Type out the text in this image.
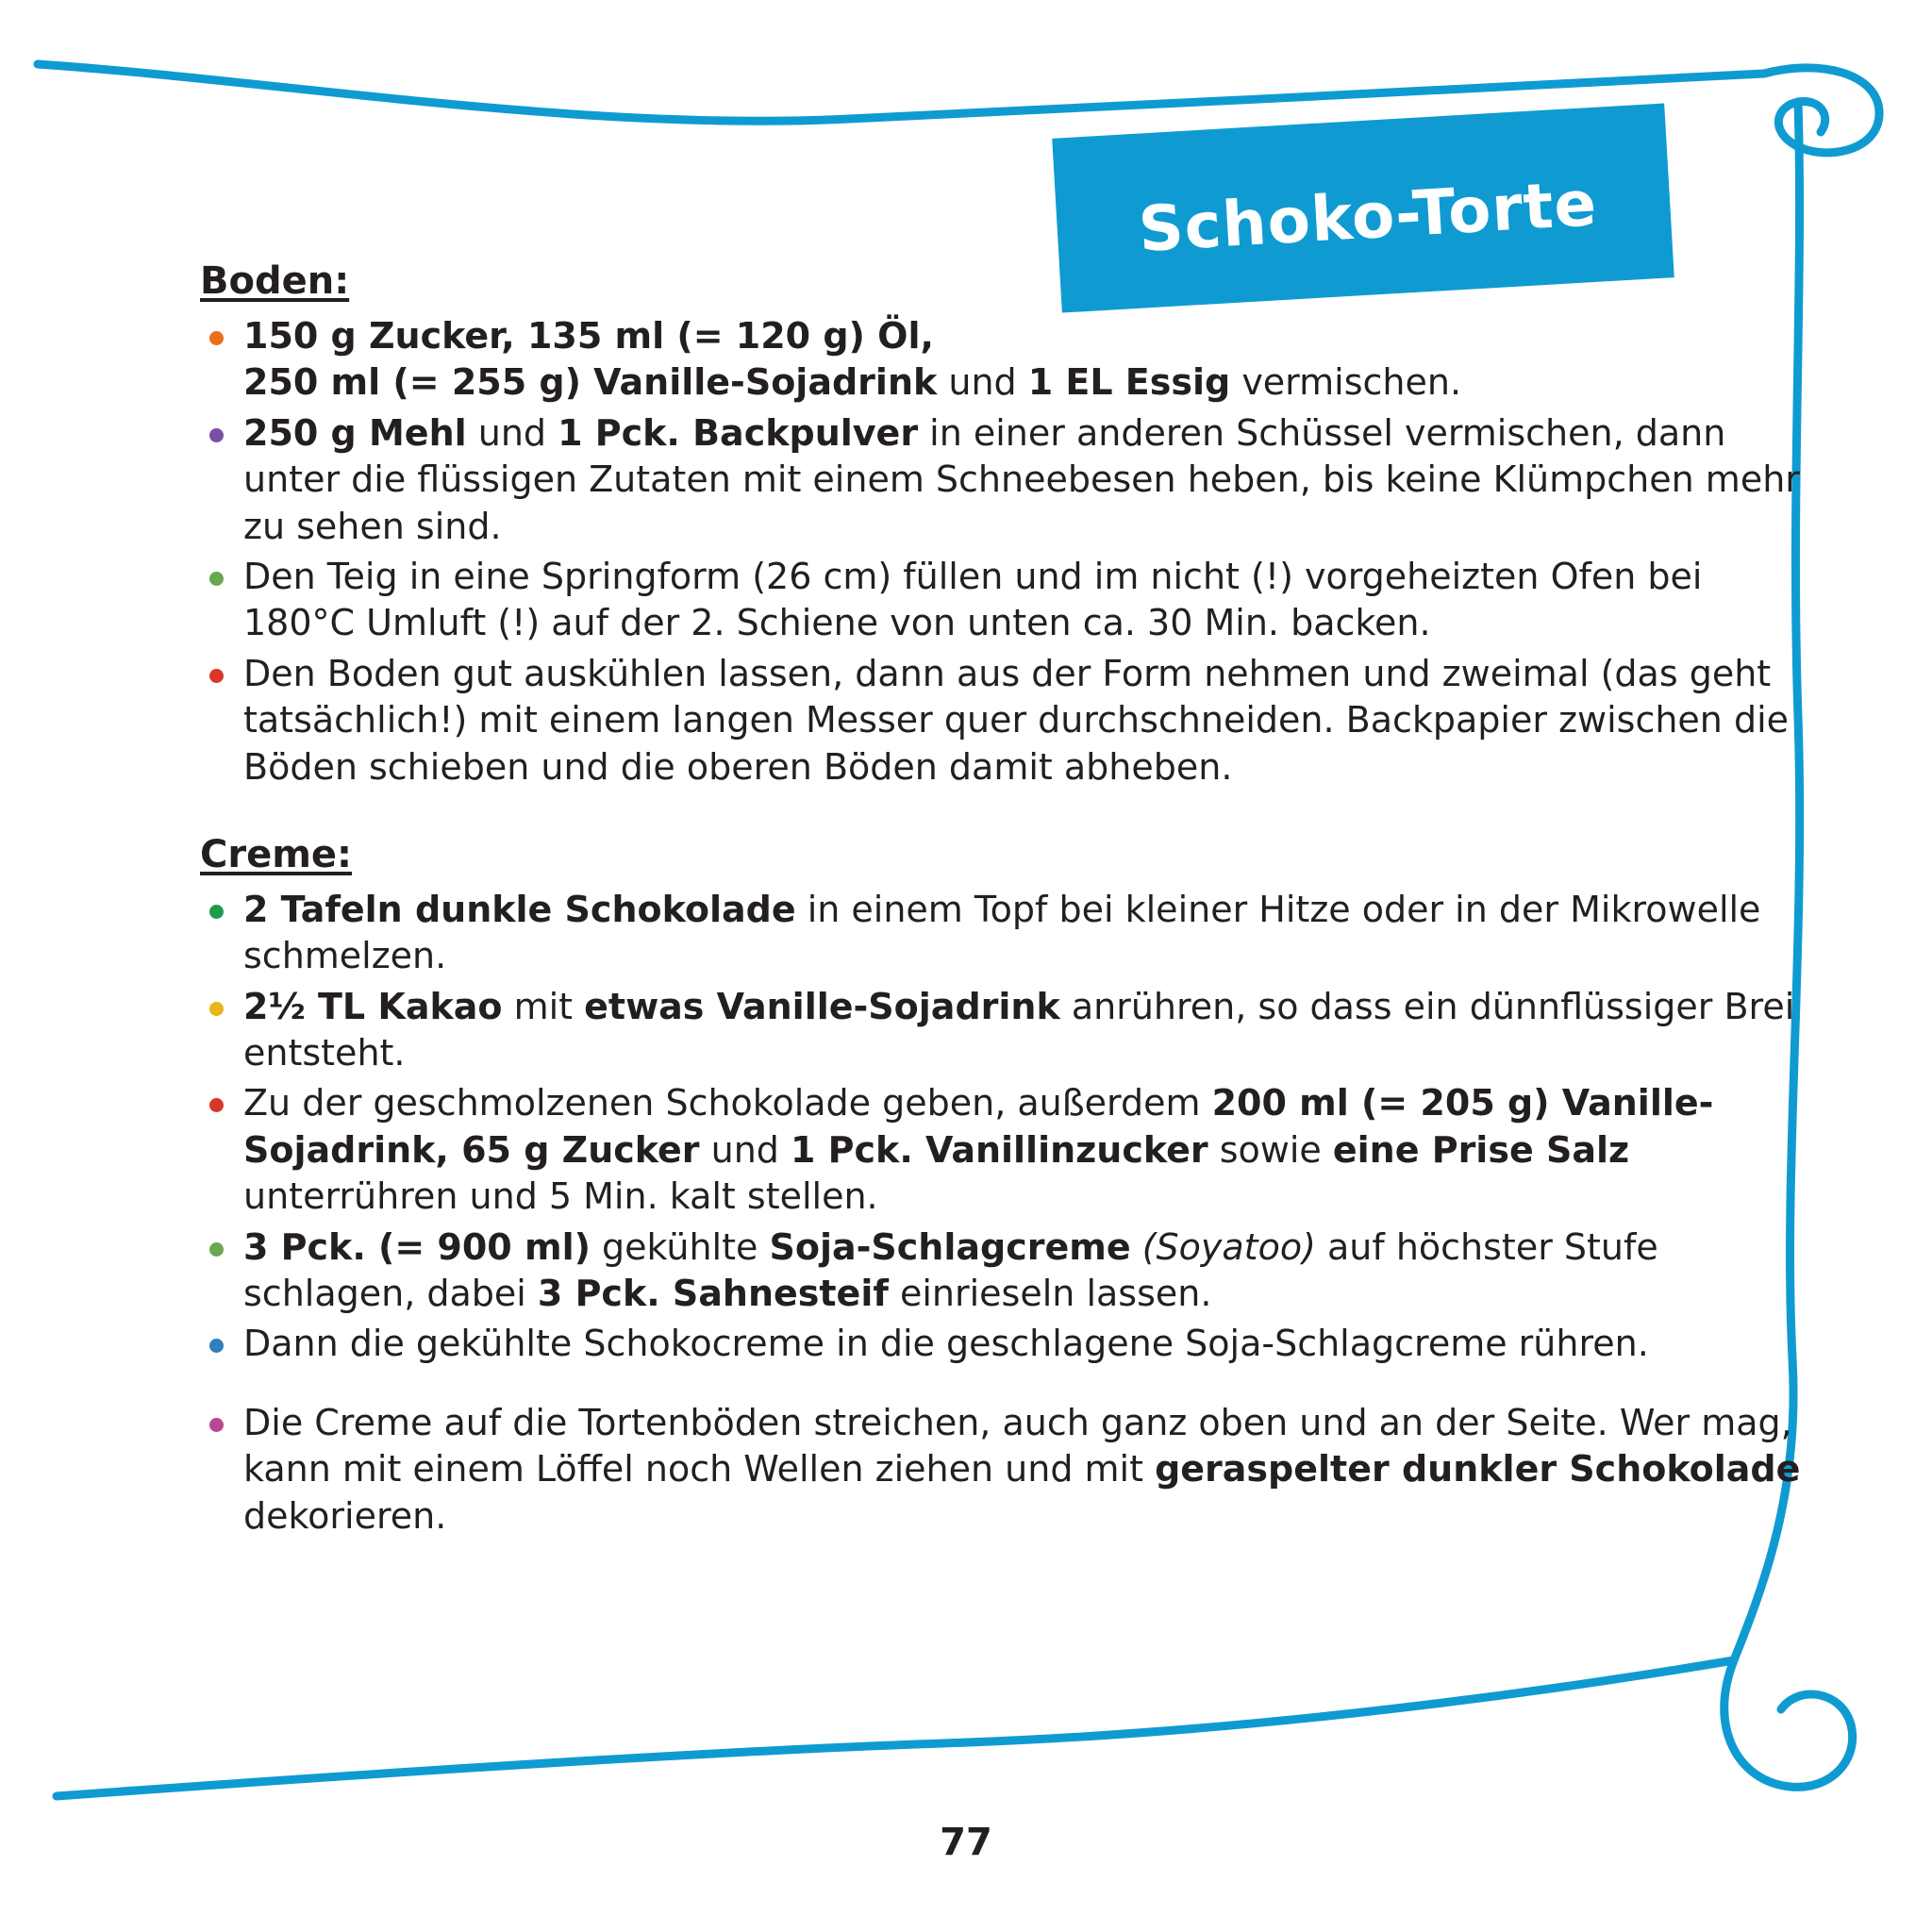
Schoko-Torte
Boden:
150 g Zucker, 135 ml (= 120 g) Öl,
250 ml (= 255 g) Vanille-Sojadrink und 1 EL Essig vermischen.
250 g Mehl und 1 Pck. Backpulver in einer anderen Schüssel vermischen, dann unter die flüssigen Zutaten mit einem Schneebesen heben, bis keine Klümpchen mehr zu sehen sind.
Den Teig in eine Springform (26 cm) füllen und im nicht (!) vorgeheizten Ofen bei 180°C Umluft (!) auf der 2. Schiene von unten ca. 30 Min. backen.
Den Boden gut auskühlen lassen, dann aus der Form nehmen und zweimal (das geht tatsächlich!) mit einem langen Messer quer durchschneiden. Backpapier zwischen die Böden schieben und die oberen Böden damit abheben.
Creme:
2 Tafeln dunkle Schokolade in einem Topf bei kleiner Hitze oder in der Mikrowelle schmelzen.
2½ TL Kakao mit etwas Vanille-Sojadrink anrühren, so dass ein dünnflüssiger Brei entsteht.
Zu der geschmolzenen Schokolade geben, außerdem 200 ml (= 205 g) Vanille-Sojadrink, 65 g Zucker und 1 Pck. Vanillinzucker sowie eine Prise Salz unterrühren und 5 Min. kalt stellen.
3 Pck. (= 900 ml) gekühlte Soja-Schlagcreme (Soyatoo) auf höchster Stufe schlagen, dabei 3 Pck. Sahnesteif einrieseln lassen.
Dann die gekühlte Schokocreme in die geschlagene Soja-Schlagcreme rühren.
Die Creme auf die Tortenböden streichen, auch ganz oben und an der Seite. Wer mag, kann mit einem Löffel noch Wellen ziehen und mit geraspelter dunkler Schokolade dekorieren.
77
